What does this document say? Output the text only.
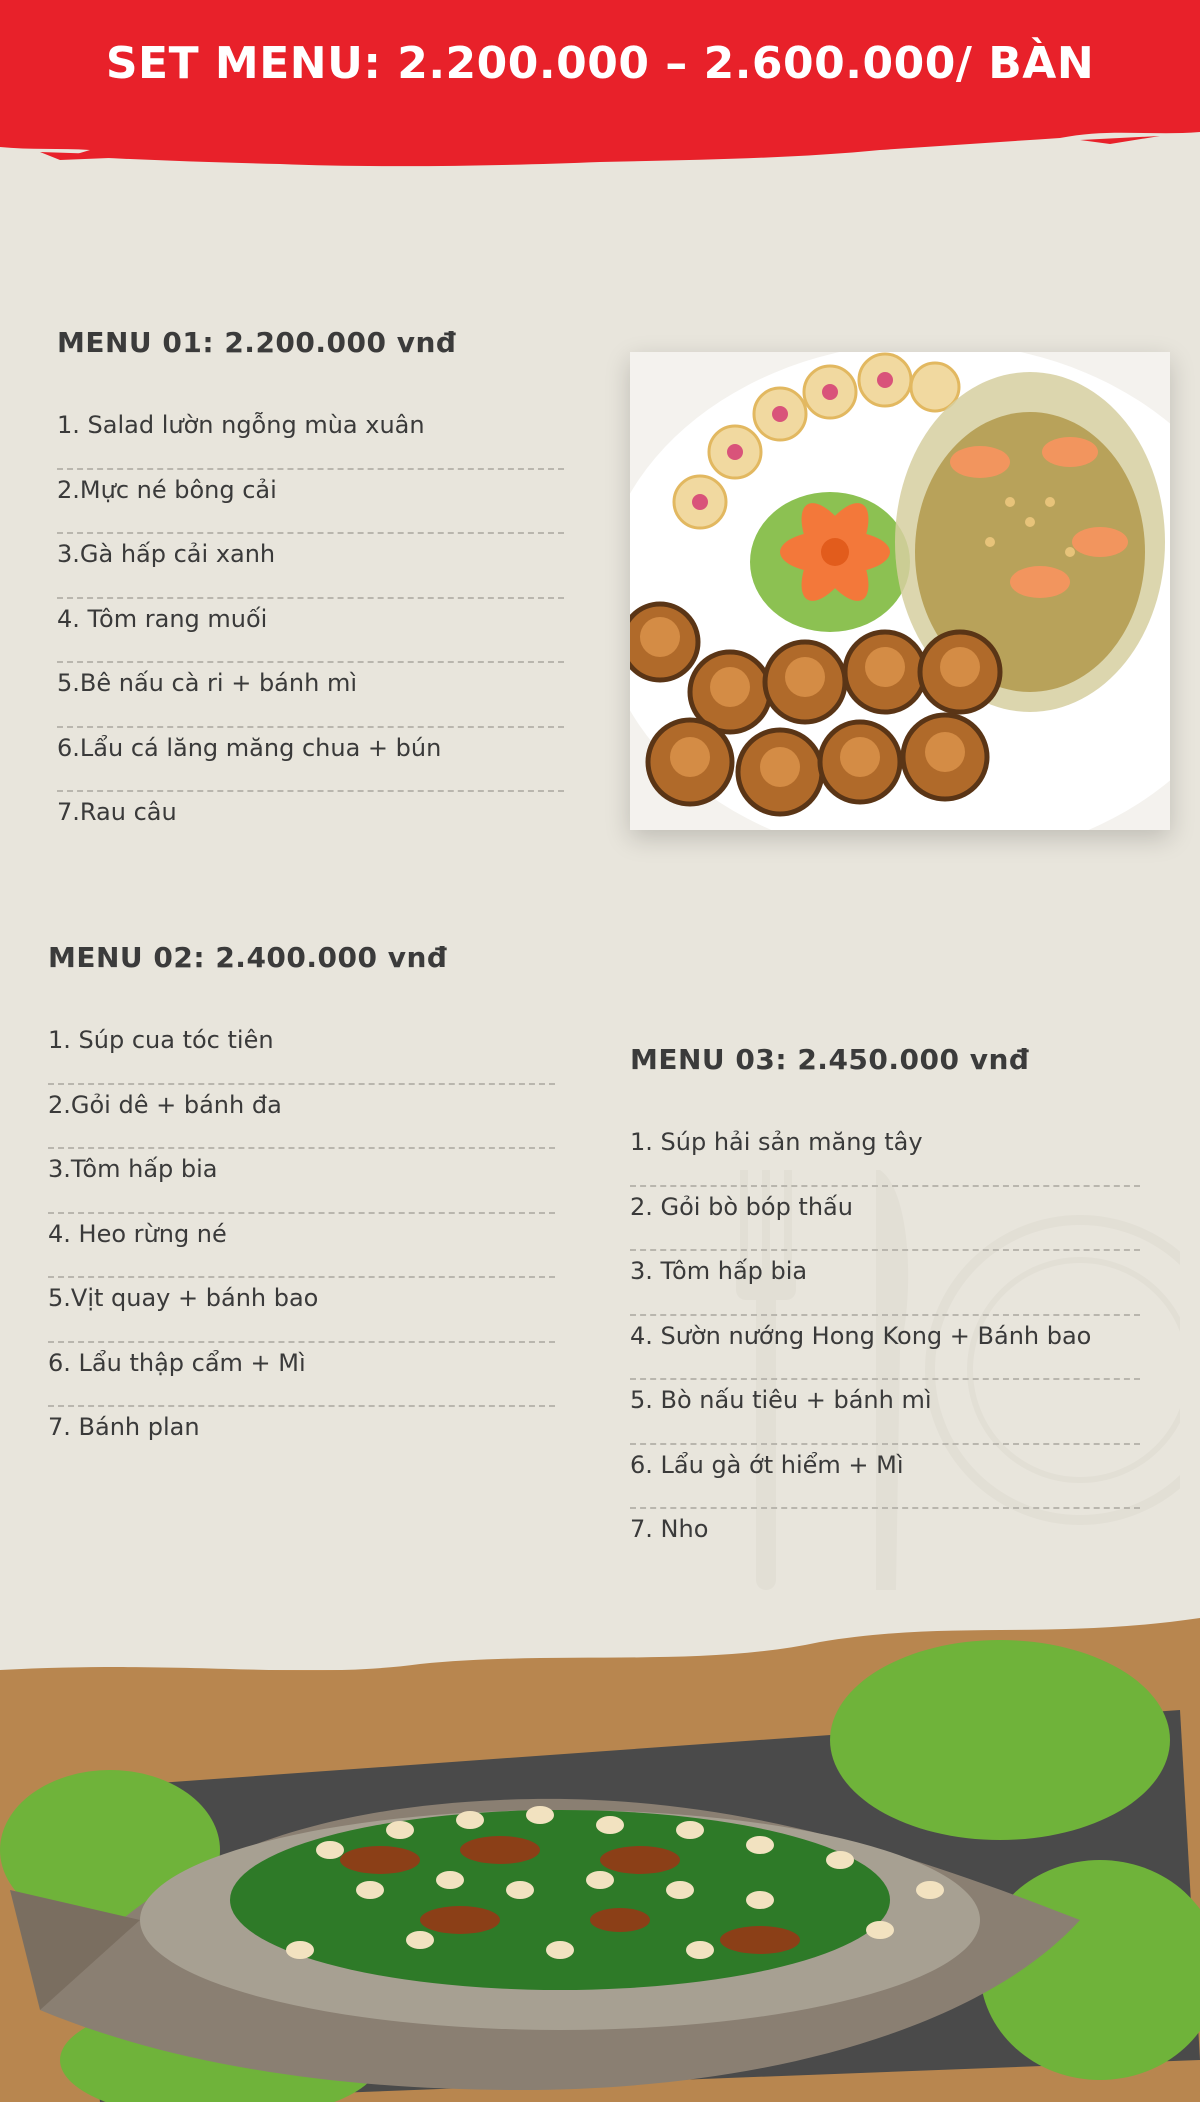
SET MENU: 2.200.000 – 2.600.000/ BÀN
MENU 01: 2.200.000 vnđ
1. Salad lườn ngỗng mùa xuân
2.Mực né bông cải
3.Gà hấp cải xanh
4. Tôm rang muối
5.Bê nấu cà ri + bánh mì
6.Lẩu cá lăng măng chua + bún
7.Rau câu
MENU 02: 2.400.000 vnđ
1. Súp cua tóc tiên
2.Gỏi dê + bánh đa
3.Tôm hấp bia
4. Heo rừng né
5.Vịt quay + bánh bao
6. Lẩu thập cẩm + Mì
7. Bánh plan
MENU 03: 2.450.000 vnđ
1. Súp hải sản măng tây
2. Gỏi bò bóp thấu
3. Tôm hấp bia
4. Sườn nướng Hong Kong + Bánh bao
5. Bò nấu tiêu + bánh mì
6. Lẩu gà ớt hiểm + Mì
7. Nho
